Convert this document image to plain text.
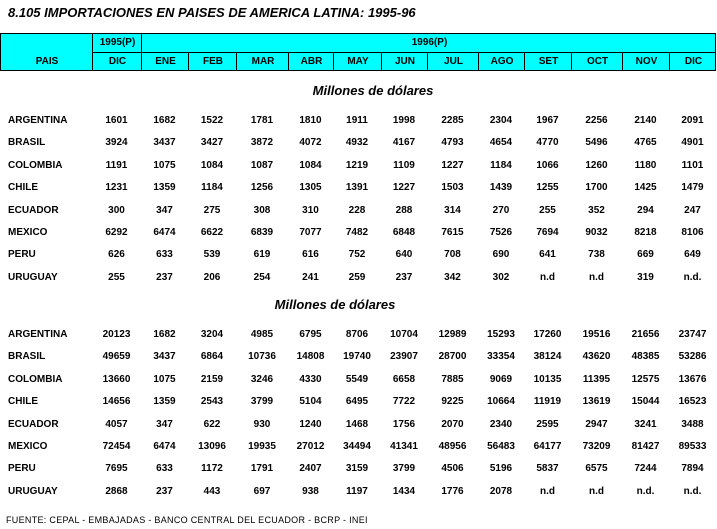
8.105 IMPORTACIONES EN PAISES DE AMERICA LATINA: 1995-96
PAIS
1995(P)	1996(P)
DIC	ENE	FEB	MAR	ABR	MAY	JUN	JUL	AGO	SET	OCT	NOV	DIC
Millones de dólares
ARGENTINA	1601	1682	1522	1781	1810	1911	1998	2285	2304	1967	2256	2140	2091
BRASIL	3924	3437	3427	3872	4072	4932	4167	4793	4654	4770	5496	4765	4901
COLOMBIA	1191	1075	1084	1087	1084	1219	1109	1227	1184	1066	1260	1180	1101
CHILE	1231	1359	1184	1256	1305	1391	1227	1503	1439	1255	1700	1425	1479
ECUADOR	300	347	275	308	310	228	288	314	270	255	352	294	247
MEXICO	6292	6474	6622	6839	7077	7482	6848	7615	7526	7694	9032	8218	8106
PERU	626	633	539	619	616	752	640	708	690	641	738	669	649
URUGUAY	255	237	206	254	241	259	237	342	302	n.d	n.d	319	n.d.
Millones de dólares
ARGENTINA	20123	1682	3204	4985	6795	8706	10704	12989	15293	17260	19516	21656	23747
BRASIL	49659	3437	6864	10736	14808	19740	23907	28700	33354	38124	43620	48385	53286
COLOMBIA	13660	1075	2159	3246	4330	5549	6658	7885	9069	10135	11395	12575	13676
CHILE	14656	1359	2543	3799	5104	6495	7722	9225	10664	11919	13619	15044	16523
ECUADOR	4057	347	622	930	1240	1468	1756	2070	2340	2595	2947	3241	3488
MEXICO	72454	6474	13096	19935	27012	34494	41341	48956	56483	64177	73209	81427	89533
PERU	7695	633	1172	1791	2407	3159	3799	4506	5196	5837	6575	7244	7894
URUGUAY	2868	237	443	697	938	1197	1434	1776	2078	n.d	n.d	n.d.	n.d.
FUENTE: CEPAL - EMBAJADAS - BANCO CENTRAL DEL ECUADOR - BCRP - INEI
